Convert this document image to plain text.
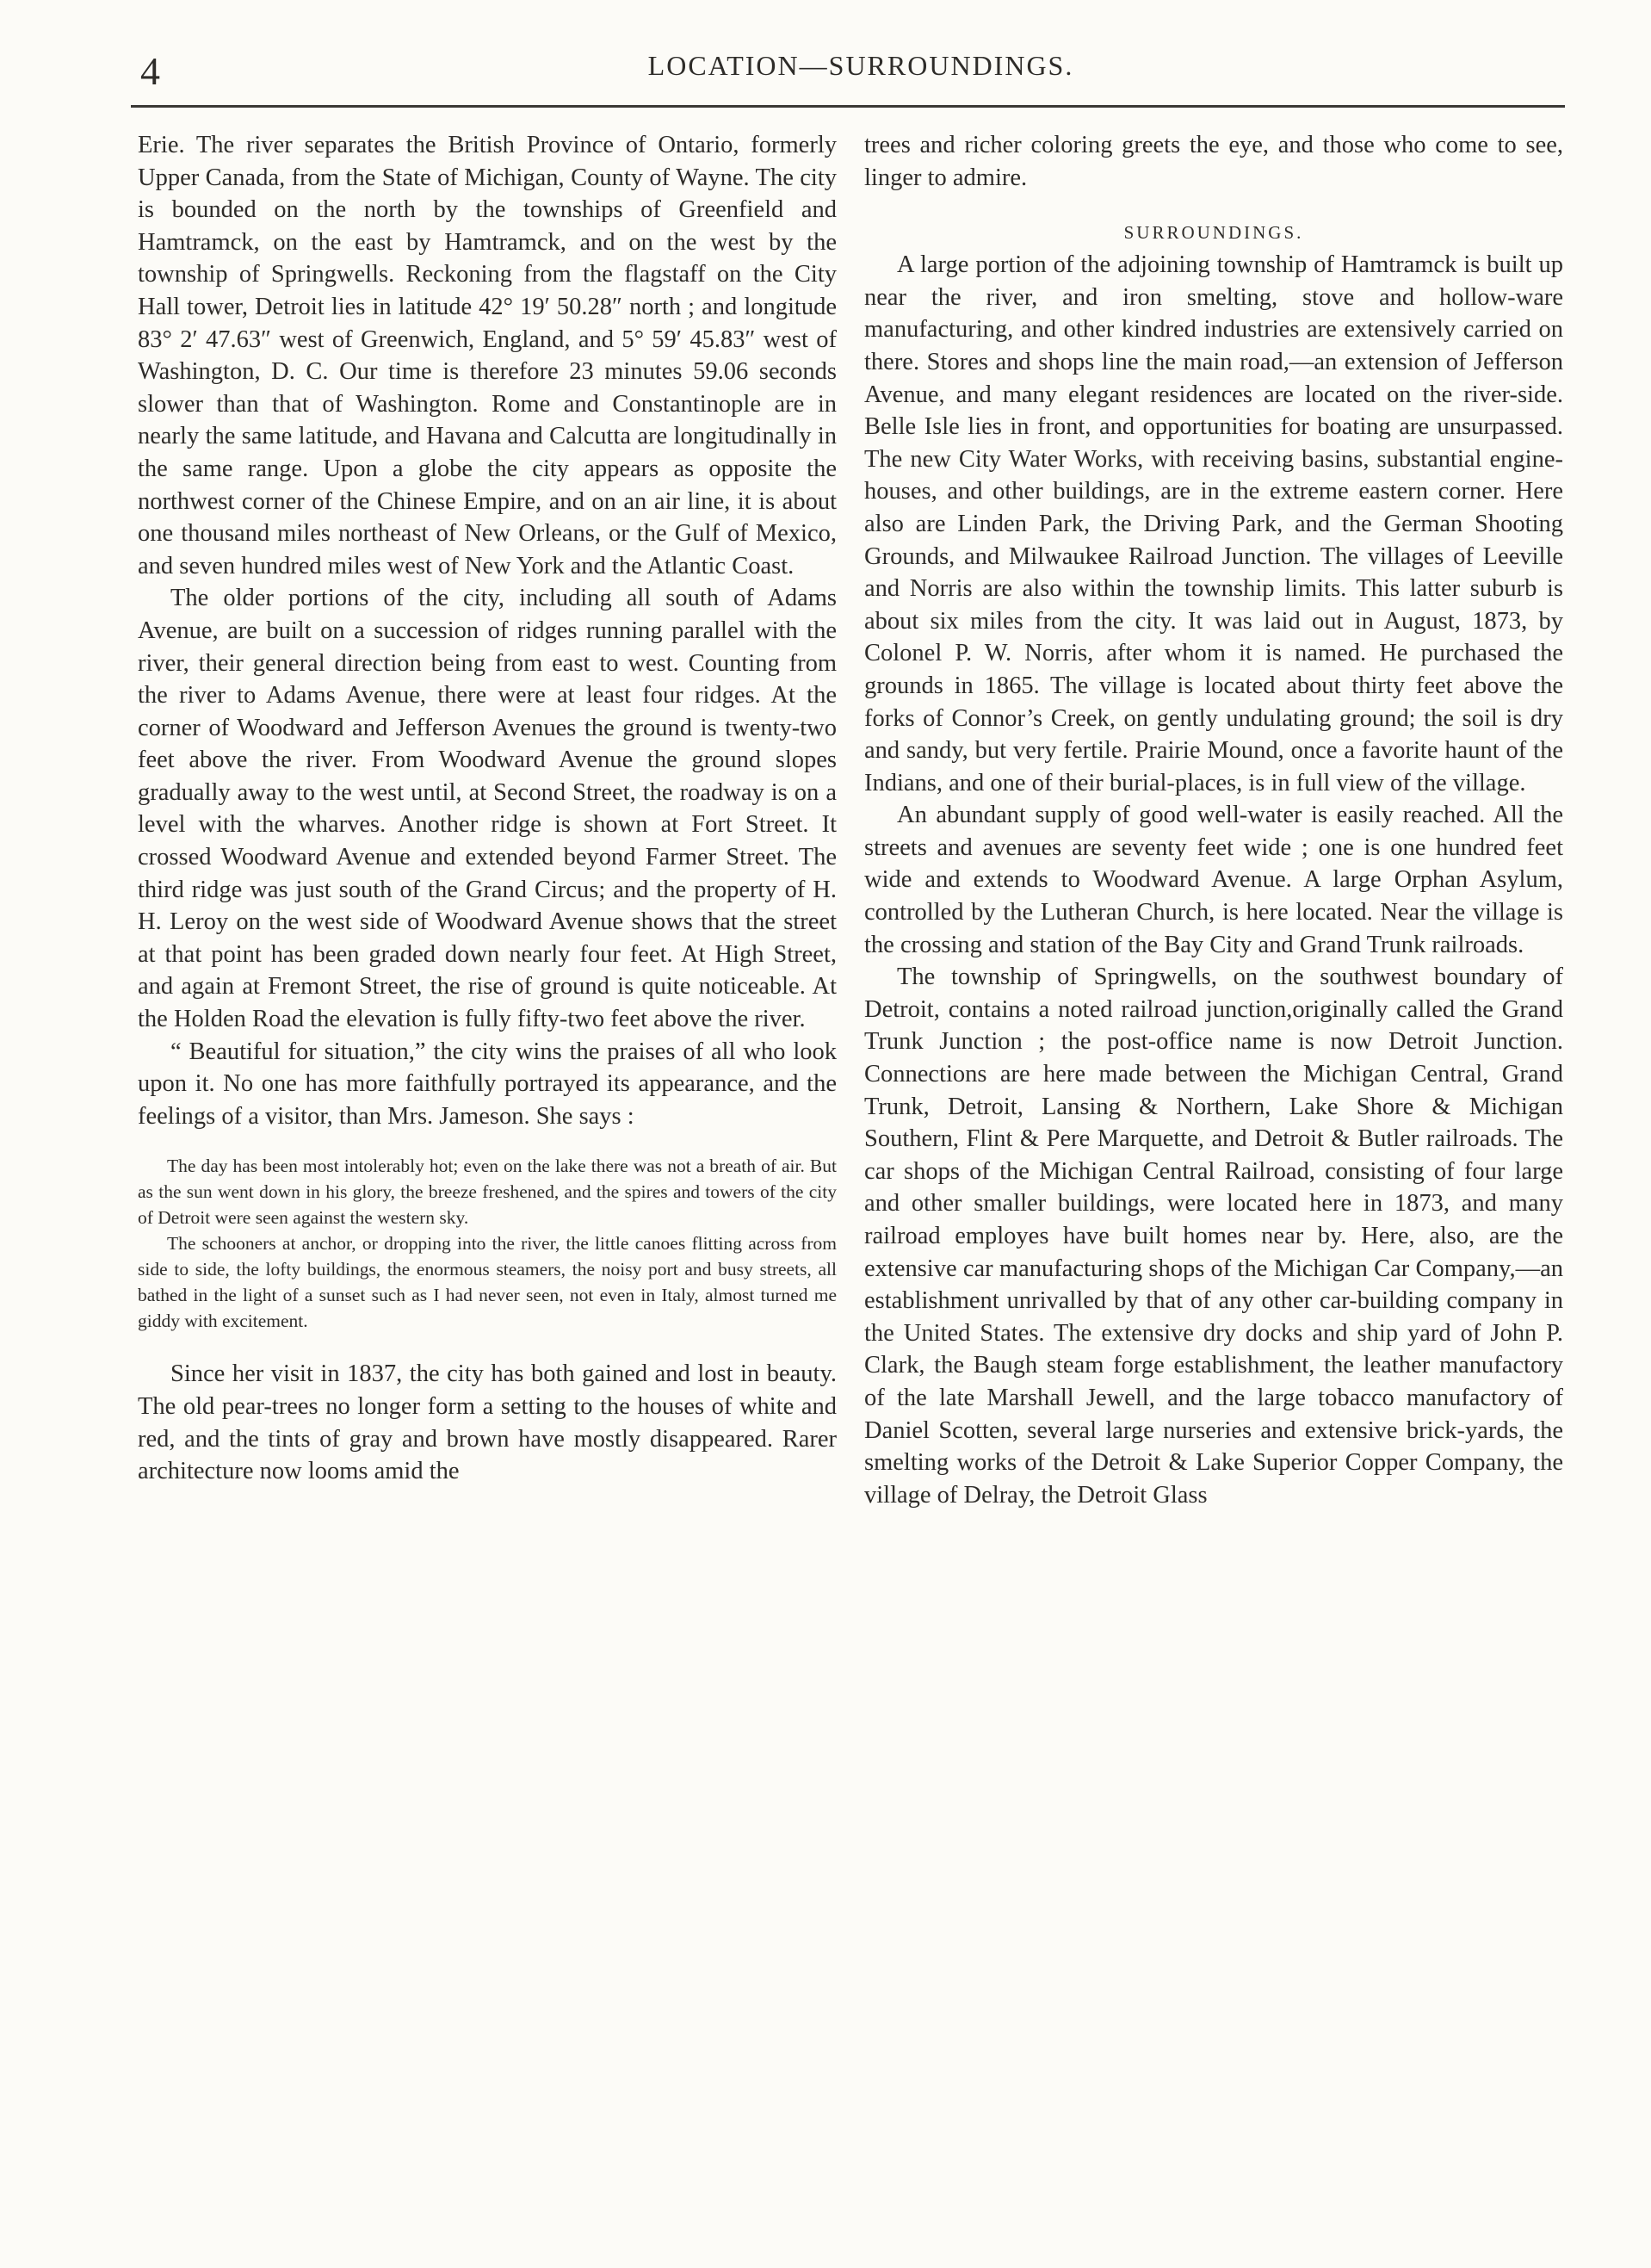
4	LOCATION—SURROUNDINGS.

Erie. The river separates the British Province of Ontario, formerly Upper Canada, from the State of Michigan, County of Wayne. The city is bounded on the north by the townships of Greenfield and Hamtramck, on the east by Hamtramck, and on the west by the township of Springwells. Reckoning from the flagstaff on the City Hall tower, Detroit lies in latitude 42° 19′ 50.28″ north ; and longitude 83° 2′ 47.63″ west of Greenwich, England, and 5° 59′ 45.83″ west of Washington, D. C. Our time is therefore 23 minutes 59.06 seconds slower than that of Washington. Rome and Constantinople are in nearly the same latitude, and Havana and Calcutta are longitudinally in the same range. Upon a globe the city appears as opposite the northwest corner of the Chinese Empire, and on an air line, it is about one thousand miles northeast of New Orleans, or the Gulf of Mexico, and seven hundred miles west of New York and the Atlantic Coast.

The older portions of the city, including all south of Adams Avenue, are built on a succession of ridges running parallel with the river, their general direction being from east to west. Counting from the river to Adams Avenue, there were at least four ridges. At the corner of Woodward and Jefferson Avenues the ground is twenty-two feet above the river. From Woodward Avenue the ground slopes gradually away to the west until, at Second Street, the roadway is on a level with the wharves. Another ridge is shown at Fort Street. It crossed Woodward Avenue and extended beyond Farmer Street. The third ridge was just south of the Grand Circus; and the property of H. H. Leroy on the west side of Woodward Avenue shows that the street at that point has been graded down nearly four feet. At High Street, and again at Fremont Street, the rise of ground is quite noticeable. At the Holden Road the elevation is fully fifty-two feet above the river.

“ Beautiful for situation,” the city wins the praises of all who look upon it. No one has more faithfully portrayed its appearance, and the feelings of a visitor, than Mrs. Jameson. She says :

The day has been most intolerably hot; even on the lake there was not a breath of air. But as the sun went down in his glory, the breeze freshened, and the spires and towers of the city of Detroit were seen against the western sky.

The schooners at anchor, or dropping into the river, the little canoes flitting across from side to side, the lofty buildings, the enormous steamers, the noisy port and busy streets, all bathed in the light of a sunset such as I had never seen, not even in Italy, almost turned me giddy with excitement.

Since her visit in 1837, the city has both gained and lost in beauty. The old pear-trees no longer form a setting to the houses of white and red, and the tints of gray and brown have mostly disappeared. Rarer architecture now looms amid the

trees and richer coloring greets the eye, and those who come to see, linger to admire.

SURROUNDINGS.

A large portion of the adjoining township of Hamtramck is built up near the river, and iron smelting, stove and hollow-ware manufacturing, and other kindred industries are extensively carried on there. Stores and shops line the main road,—an extension of Jefferson Avenue, and many elegant residences are located on the river-side. Belle Isle lies in front, and opportunities for boating are unsurpassed. The new City Water Works, with receiving basins, substantial engine-houses, and other buildings, are in the extreme eastern corner. Here also are Linden Park, the Driving Park, and the German Shooting Grounds, and Milwaukee Railroad Junction. The villages of Leeville and Norris are also within the township limits. This latter suburb is about six miles from the city. It was laid out in August, 1873, by Colonel P. W. Norris, after whom it is named. He purchased the grounds in 1865. The village is located about thirty feet above the forks of Connor’s Creek, on gently undulating ground; the soil is dry and sandy, but very fertile. Prairie Mound, once a favorite haunt of the Indians, and one of their burial-places, is in full view of the village.

An abundant supply of good well-water is easily reached. All the streets and avenues are seventy feet wide ; one is one hundred feet wide and extends to Woodward Avenue. A large Orphan Asylum, controlled by the Lutheran Church, is here located. Near the village is the crossing and station of the Bay City and Grand Trunk railroads.

The township of Springwells, on the southwest boundary of Detroit, contains a noted railroad junction,originally called the Grand Trunk Junction ; the post-office name is now Detroit Junction. Connections are here made between the Michigan Central, Grand Trunk, Detroit, Lansing & Northern, Lake Shore & Michigan Southern, Flint & Pere Marquette, and Detroit & Butler railroads. The car shops of the Michigan Central Railroad, consisting of four large and other smaller buildings, were located here in 1873, and many railroad employes have built homes near by. Here, also, are the extensive car manufacturing shops of the Michigan Car Company,—an establishment unrivalled by that of any other car-building company in the United States. The extensive dry docks and ship yard of John P. Clark, the Baugh steam forge establishment, the leather manufactory of the late Marshall Jewell, and the large tobacco manufactory of Daniel Scotten, several large nurseries and extensive brick-yards, the smelting works of the Detroit & Lake Superior Copper Company, the village of Delray, the Detroit Glass
